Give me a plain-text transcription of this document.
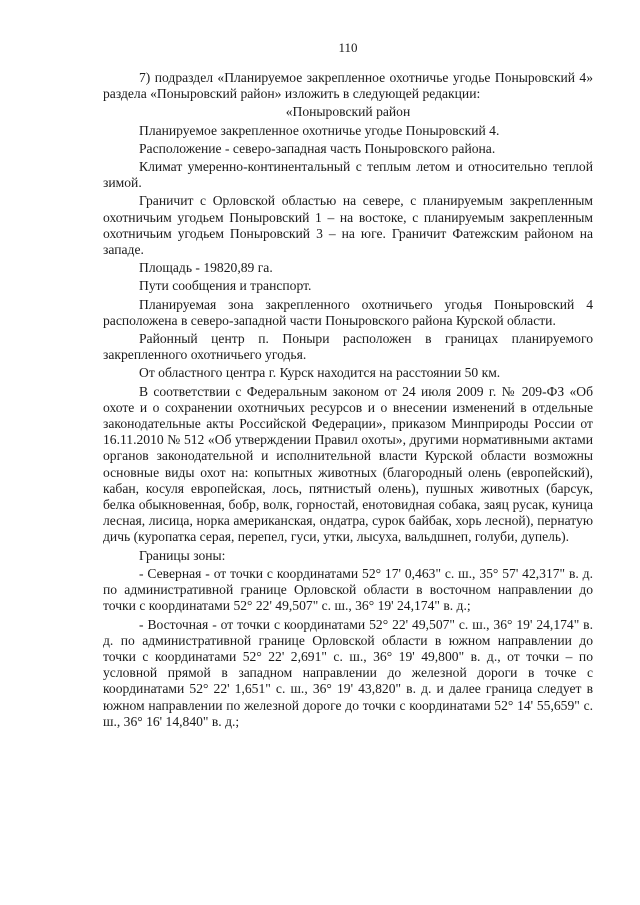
110

7) подраздел «Планируемое закрепленное охотничье угодье Поныровский 4» раздела «Поныровский район» изложить в следующей редакции:

«Поныровский район

Планируемое закрепленное охотничье угодье Поныровский 4.

Расположение - северо-западная часть Поныровского района.

Климат умеренно-континентальный с теплым летом и относительно теплой зимой.

Граничит с Орловской областью на севере, с планируемым закрепленным охотничьим угодьем Поныровский 1 – на востоке, с планируемым закрепленным охотничьим угодьем Поныровский 3 – на юге. Граничит Фатежским районом на западе.

Площадь - 19820,89 га.

Пути сообщения и транспорт.

Планируемая зона закрепленного охотничьего угодья Поныровский 4 расположена в северо-западной части Поныровского района Курской области.

Районный центр п. Поныри расположен в границах планируемого закрепленного охотничьего угодья.

От областного центра г. Курск находится на расстоянии 50 км.

В соответствии с Федеральным законом от 24 июля 2009 г. № 209-ФЗ «Об охоте и о сохранении охотничьих ресурсов и о внесении изменений в отдельные законодательные акты Российской Федерации», приказом Минприроды России от 16.11.2010 № 512 «Об утверждении Правил охоты», другими нормативными актами органов законодательной и исполнительной власти Курской области возможны основные виды охот на: копытных животных (благородный олень (европейский), кабан, косуля европейская, лось, пятнистый олень), пушных животных (барсук, белка обыкновенная, бобр, волк, горностай, енотовидная собака, заяц русак, куница лесная, лисица, норка американская, ондатра, сурок байбак, хорь лесной), пернатую дичь (куропатка серая, перепел, гуси, утки, лысуха, вальдшнеп, голуби, дупель).

Границы зоны:

- Северная - от точки с координатами 52° 17' 0,463" с. ш., 35° 57' 42,317" в. д. по административной границе Орловской области в восточном направлении до точки с координатами 52° 22' 49,507" с. ш., 36° 19' 24,174" в. д.;

- Восточная - от точки с координатами 52° 22' 49,507" с. ш., 36° 19' 24,174" в. д. по административной границе Орловской области в южном направлении до точки с координатами 52° 22' 2,691" с. ш., 36° 19' 49,800" в. д., от точки – по условной прямой в западном направлении до железной дороги в точке с координатами 52° 22' 1,651" с. ш., 36° 19' 43,820" в. д. и далее граница следует в южном направлении по железной дороге до точки с координатами 52° 14' 55,659" с. ш., 36° 16' 14,840" в. д.;
